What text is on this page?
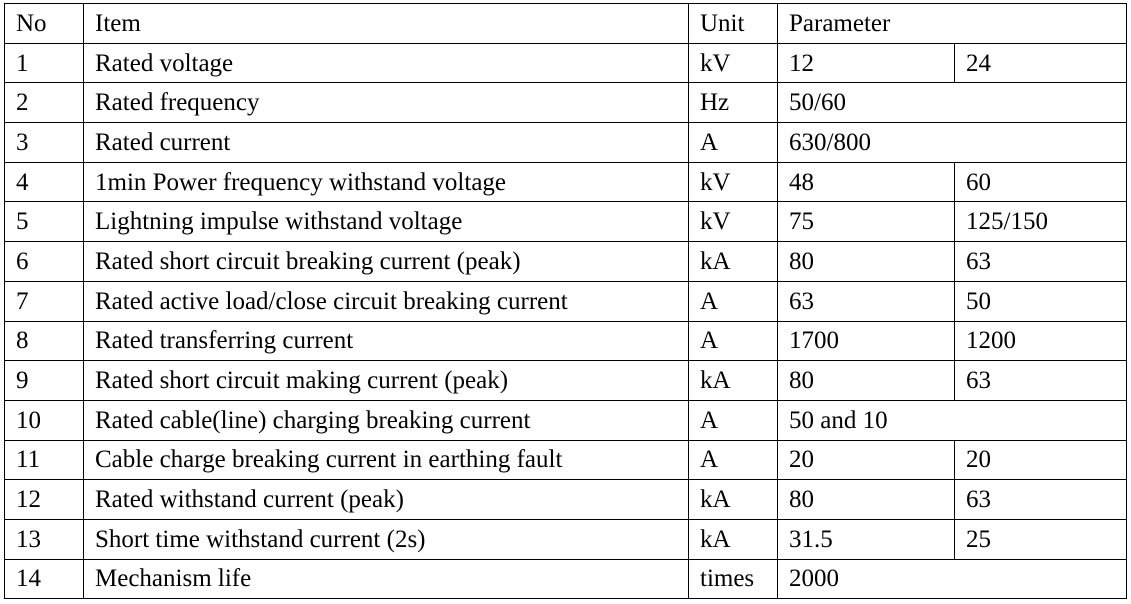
No	Item	Unit	Parameter	
1	Rated voltage	kV	12	24
2	Rated frequency	Hz	50/60	
3	Rated current	A	630/800	
4	1min Power frequency withstand voltage	kV	48	60
5	Lightning impulse withstand voltage	kV	75	125/150
6	Rated short circuit breaking current (peak)	kA	80	63
7	Rated active load/close circuit breaking current	A	63	50
8	Rated transferring current	A	1700	1200
9	Rated short circuit making current (peak)	kA	80	63
10	Rated cable(line) charging breaking current	A	50 and 10	
11	Cable charge breaking current in earthing fault	A	20	20
12	Rated withstand current (peak)	kA	80	63
13	Short time withstand current (2s)	kA	31.5	25
14	Mechanism life	times	2000	
